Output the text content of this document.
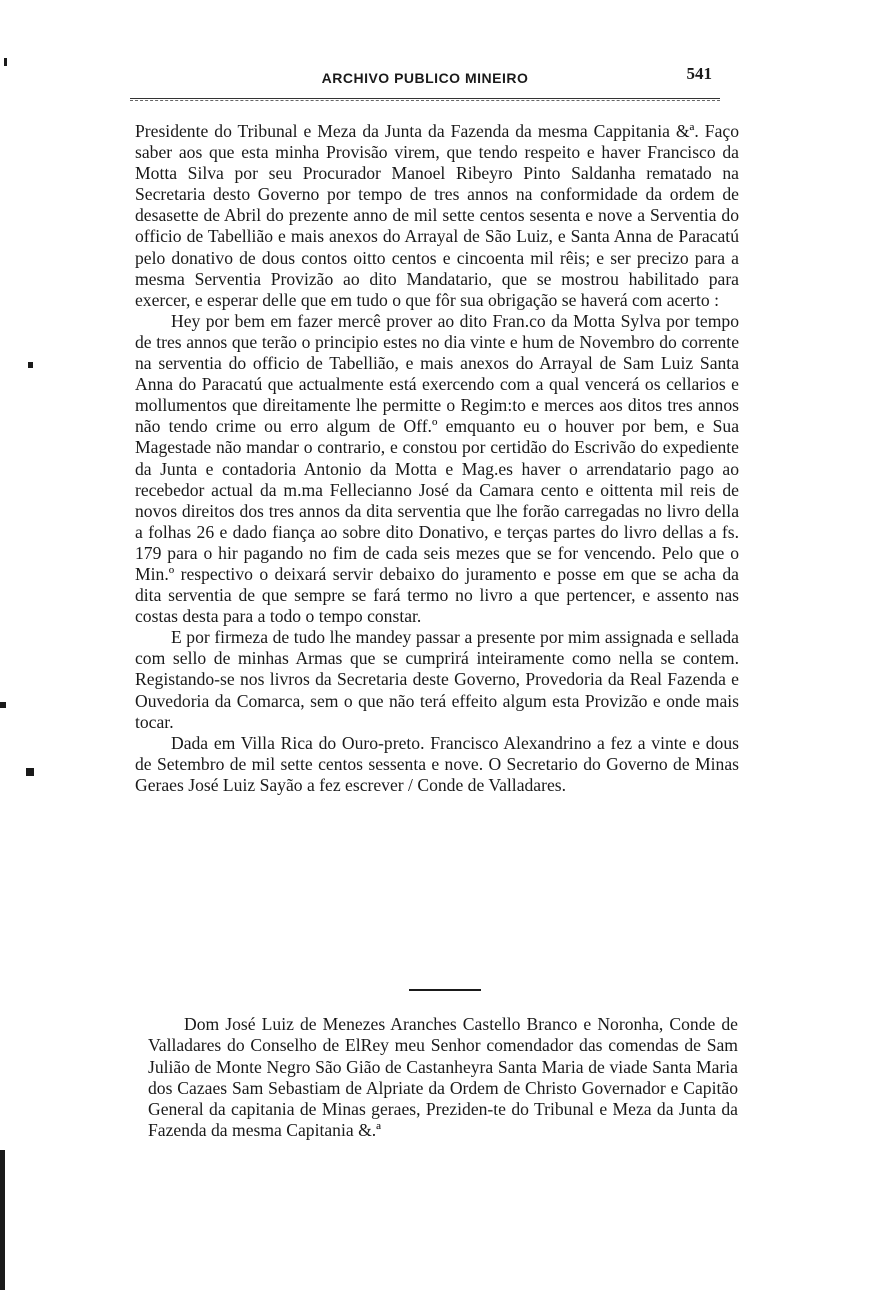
ARCHIVO PUBLICO MINEIRO	541

Presidente do Tribunal e Meza da Junta da Fazenda da mesma Cappitania &ª. Faço saber aos que esta minha Provisão virem, que tendo respeito e haver Francisco da Motta Silva por seu Procurador Manoel Ribeyro Pinto Saldanha rematado na Secretaria desto Governo por tempo de tres annos na conformidade da ordem de desasette de Abril do prezente anno de mil sette centos sesenta e nove a Serventia do officio de Tabellião e mais anexos do Arrayal de São Luiz, e Santa Anna de Paracatú pelo donativo de dous contos oitto centos e cincoenta mil rêis; e ser precizo para a mesma Serventia Provizão ao dito Mandatario, que se mostrou habilitado para exercer, e esperar delle que em tudo o que fôr sua obrigação se haverá com acerto :

Hey por bem em fazer mercê prover ao dito Fran.co da Motta Sylva por tempo de tres annos que terão o principio estes no dia vinte e hum de Novembro do corrente na serventia do officio de Tabellião, e mais anexos do Arrayal de Sam Luiz Santa Anna do Paracatú que actualmente está exercendo com a qual vencerá os cellarios e mollumentos que direitamente lhe permitte o Regim:to e merces aos ditos tres annos não tendo crime ou erro algum de Off.º emquanto eu o houver por bem, e Sua Magestade não mandar o contrario, e constou por certidão do Escrivão do expediente da Junta e contadoria Antonio da Motta e Mag.es haver o arrendatario pago ao recebedor actual da m.ma Fellecianno José da Camara cento e oittenta mil reis de novos direitos dos tres annos da dita serventia que lhe forão carregadas no livro della a folhas 26 e dado fiança ao sobre dito Donativo, e terças partes do livro dellas a fs. 179 para o hir pagando no fim de cada seis mezes que se for vencendo. Pelo que o Min.º respectivo o deixará servir debaixo do juramento e posse em que se acha da dita serventia de que sempre se fará termo no livro a que pertencer, e assento nas costas desta para a todo o tempo constar.

E por firmeza de tudo lhe mandey passar a presente por mim assignada e sellada com sello de minhas Armas que se cumprirá inteiramente como nella se contem. Registando-se nos livros da Secretaria deste Governo, Provedoria da Real Fazenda e Ouvedoria da Comarca, sem o que não terá effeito algum esta Provizão e onde mais tocar.

Dada em Villa Rica do Ouro-preto. Francisco Alexandrino a fez a vinte e dous de Setembro de mil sette centos sessenta e nove. O Secretario do Governo de Minas Geraes José Luiz Sayão a fez escrever / Conde de Valladares.

Dom José Luiz de Menezes Aranches Castello Branco e Noronha, Conde de Valladares do Conselho de ElRey meu Senhor comendador das comendas de Sam Julião de Monte Negro São Gião de Castanheyra Santa Maria de viade Santa Maria dos Cazaes Sam Sebastiam de Alpriate da Ordem de Christo Governador e Capitão General da capitania de Minas geraes, Preziden-te do Tribunal e Meza da Junta da Fazenda da mesma Capitania &.ª
